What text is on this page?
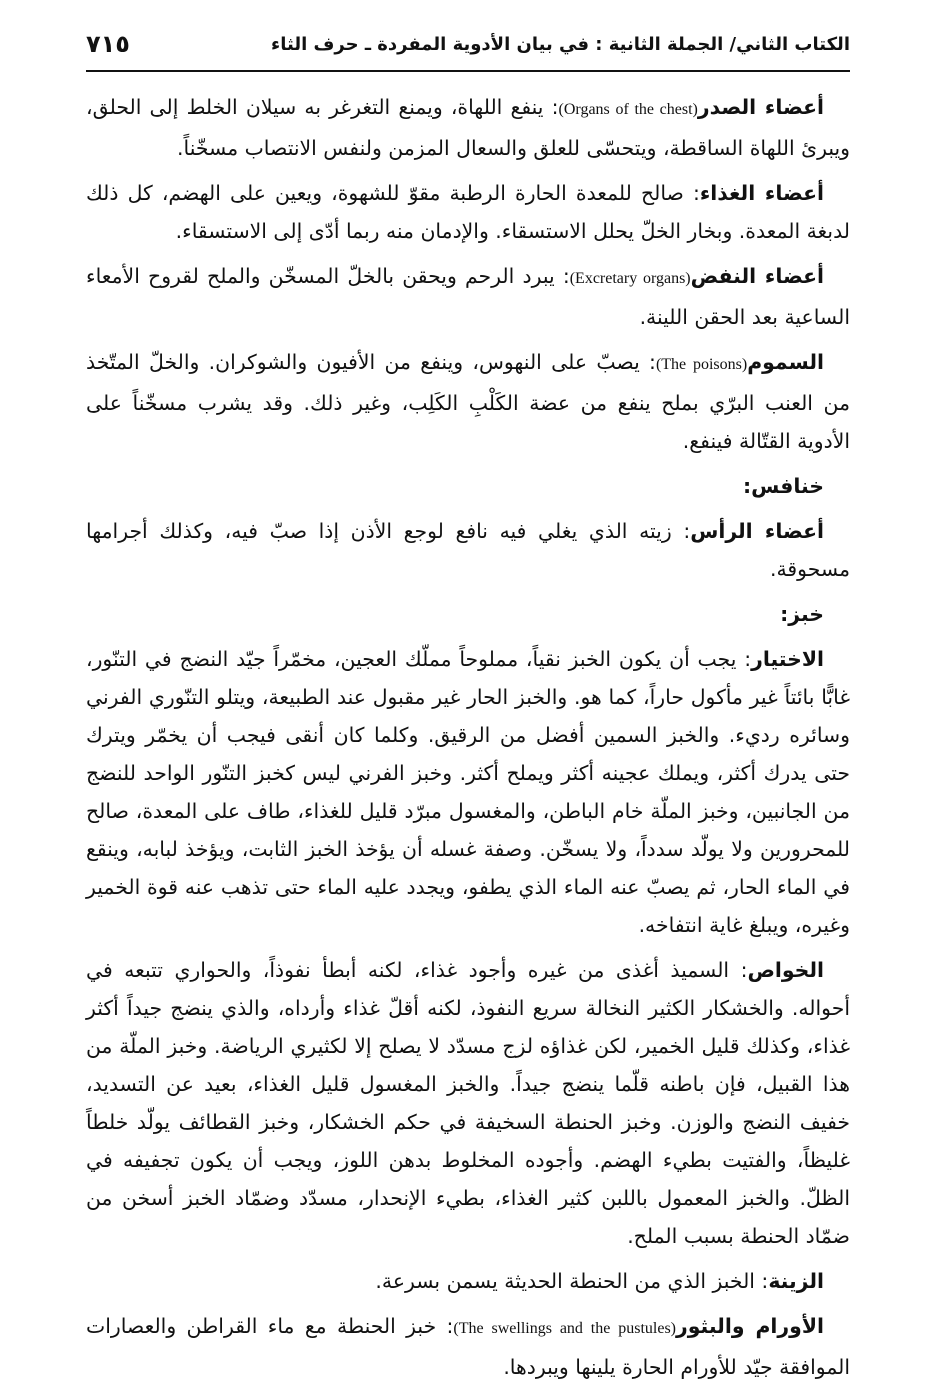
الكتاب الثاني/ الجملة الثانية : في بيان الأدوية المفردة ـ حرف الثاء
٧١٥

أعضاء الصدر(Organs of the chest): ينفع اللهاة، ويمنع التغرغر به سيلان الخلط إلى الحلق، ويبرئ اللهاة الساقطة، ويتحسّى للعلق والسعال المزمن ولنفس الانتصاب مسخّناً.

أعضاء الغذاء: صالح للمعدة الحارة الرطبة مقوّ للشهوة، ويعين على الهضم، كل ذلك لدبغة المعدة. وبخار الخلّ يحلل الاستسقاء. والإدمان منه ربما أدّى إلى الاستسقاء.

أعضاء النفض(Excretary organs): يبرد الرحم ويحقن بالخلّ المسخّن والملح لقروح الأمعاء الساعية بعد الحقن اللينة.

السموم(The poisons): يصبّ على النهوس، وينفع من الأفيون والشوكران. والخلّ المتّخذ من العنب البرّي بملح ينفع من عضة الكَلْبِ الكَلِب، وغير ذلك. وقد يشرب مسخّناً على الأدوية القتّالة فينفع.

خنافس:

أعضاء الرأس: زيته الذي يغلي فيه نافع لوجع الأذن إذا صبّ فيه، وكذلك أجرامها مسحوقة.

خبز:

الاختيار: يجب أن يكون الخبز نقياً، مملوحاً مملّك العجين، مخمّراً جيّد النضج في التنّور، غابًّا بائتاً غير مأكول حاراً، كما هو. والخبز الحار غير مقبول عند الطبيعة، ويتلو التنّوري الفرني وسائره رديء. والخبز السمين أفضل من الرقيق. وكلما كان أنقى فيجب أن يخمّر ويترك حتى يدرك أكثر، ويملك عجينه أكثر ويملح أكثر. وخبز الفرني ليس كخبز التنّور الواحد للنضج من الجانبين، وخبز الملّة خام الباطن، والمغسول مبرّد قليل للغذاء، طاف على المعدة، صالح للمحرورين ولا يولّد سدداً، ولا يسخّن. وصفة غسله أن يؤخذ الخبز الثابت، ويؤخذ لبابه، وينقع في الماء الحار، ثم يصبّ عنه الماء الذي يطفو، ويجدد عليه الماء حتى تذهب عنه قوة الخمير وغيره، ويبلغ غاية انتفاخه.

الخواص: السميذ أغذى من غيره وأجود غذاء، لكنه أبطأ نفوذاً، والحواري تتبعه في أحواله. والخشكار الكثير النخالة سريع النفوذ، لكنه أقلّ غذاء وأرداه، والذي ينضج جيداً أكثر غذاء، وكذلك قليل الخمير، لكن غذاؤه لزج مسدّد لا يصلح إلا لكثيري الرياضة. وخبز الملّة من هذا القبيل، فإن باطنه قلّما ينضج جيداً. والخبز المغسول قليل الغذاء، بعيد عن التسديد، خفيف النضج والوزن. وخبز الحنطة السخيفة في حكم الخشكار، وخبز القطائف يولّد خلطاً غليظاً، والفتيت بطيء الهضم. وأجوده المخلوط بدهن اللوز، ويجب أن يكون تجفيفه في الظلّ. والخبز المعمول باللبن كثير الغذاء، بطيء الإنحدار، مسدّد وضمّاد الخبز أسخن من ضمّاد الحنطة بسبب الملح.

الزينة: الخبز الذي من الحنطة الحديثة يسمن بسرعة.

الأورام والبثور(The swellings and the pustules): خبز الحنطة مع ماء القراطن والعصارات الموافقة جيّد للأورام الحارة يلينها ويبردها.
